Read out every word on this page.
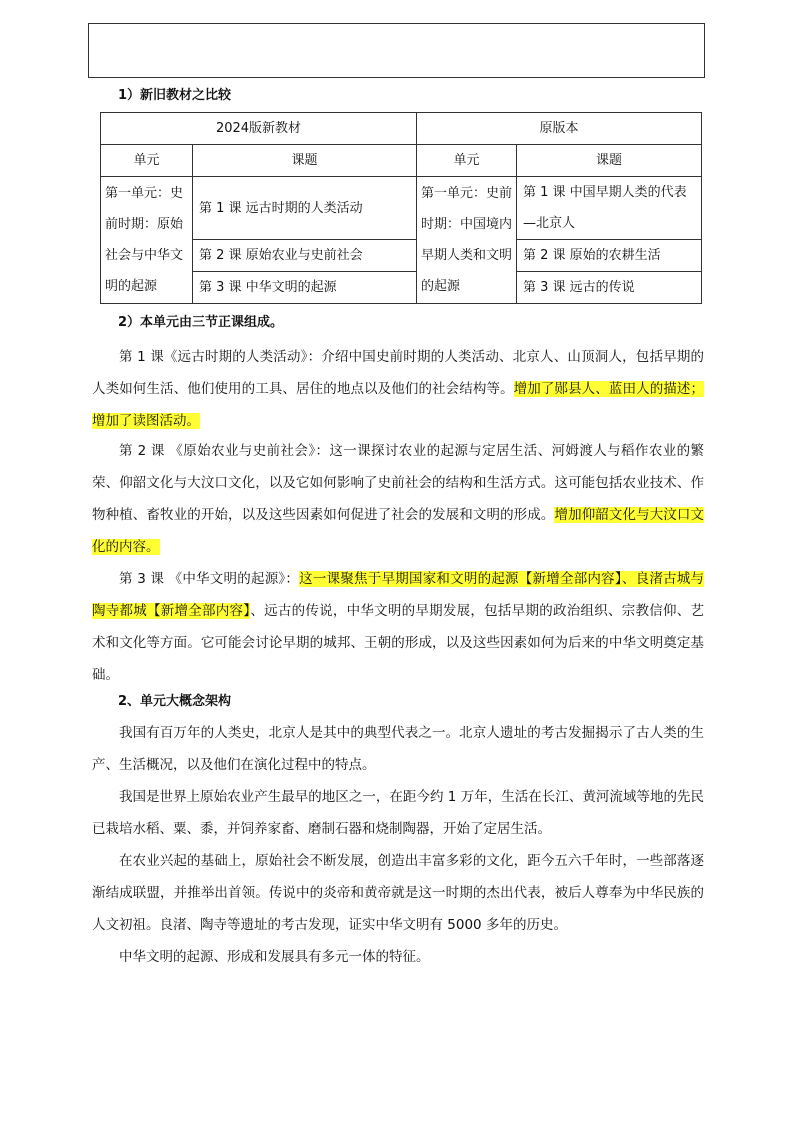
1）新旧教材之比较
2024版新教材		原版本	
单元	课题	单元	课题
第一单元：史前时期：原始社会与中华文明的起源	第 1 课 远古时期的人类活动	第一单元：史前时期：中国境内早期人类和文明的起源	第 1 课 中国早期人类的代表—北京人
	第 2 课 原始农业与史前社会		第 2 课 原始的农耕生活
	第 3 课 中华文明的起源		第 3 课 远古的传说
2）本单元由三节正课组成。
第 1 课《远古时期的人类活动》：介绍中国史前时期的人类活动、北京人、山顶洞人，包括早期的人类如何生活、他们使用的工具、居住的地点以及他们的社会结构等。增加了郧县人、蓝田人的描述；增加了读图活动。
第 2 课 《原始农业与史前社会》：这一课探讨农业的起源与定居生活、河姆渡人与稻作农业的繁荣、仰韶文化与大汶口文化，以及它如何影响了史前社会的结构和生活方式。这可能包括农业技术、作物种植、畜牧业的开始，以及这些因素如何促进了社会的发展和文明的形成。增加仰韶文化与大汶口文化的内容。
第 3 课 《中华文明的起源》：这一课聚焦于早期国家和文明的起源【新增全部内容】、良渚古城与陶寺都城【新增全部内容】、远古的传说，中华文明的早期发展，包括早期的政治组织、宗教信仰、艺术和文化等方面。它可能会讨论早期的城邦、王朝的形成，以及这些因素如何为后来的中华文明奠定基础。
2、单元大概念架构
我国有百万年的人类史，北京人是其中的典型代表之一。北京人遗址的考古发掘揭示了古人类的生产、生活概况，以及他们在演化过程中的特点。
我国是世界上原始农业产生最早的地区之一，在距今约 1 万年，生活在长江、黄河流域等地的先民已栽培水稻、粟、黍，并饲养家畜、磨制石器和烧制陶器，开始了定居生活。
在农业兴起的基础上，原始社会不断发展，创造出丰富多彩的文化，距今五六千年时，一些部落逐渐结成联盟，并推举出首领。传说中的炎帝和黄帝就是这一时期的杰出代表，被后人尊奉为中华民族的人文初祖。良渚、陶寺等遗址的考古发现，证实中华文明有 5000 多年的历史。
中华文明的起源、形成和发展具有多元一体的特征。
